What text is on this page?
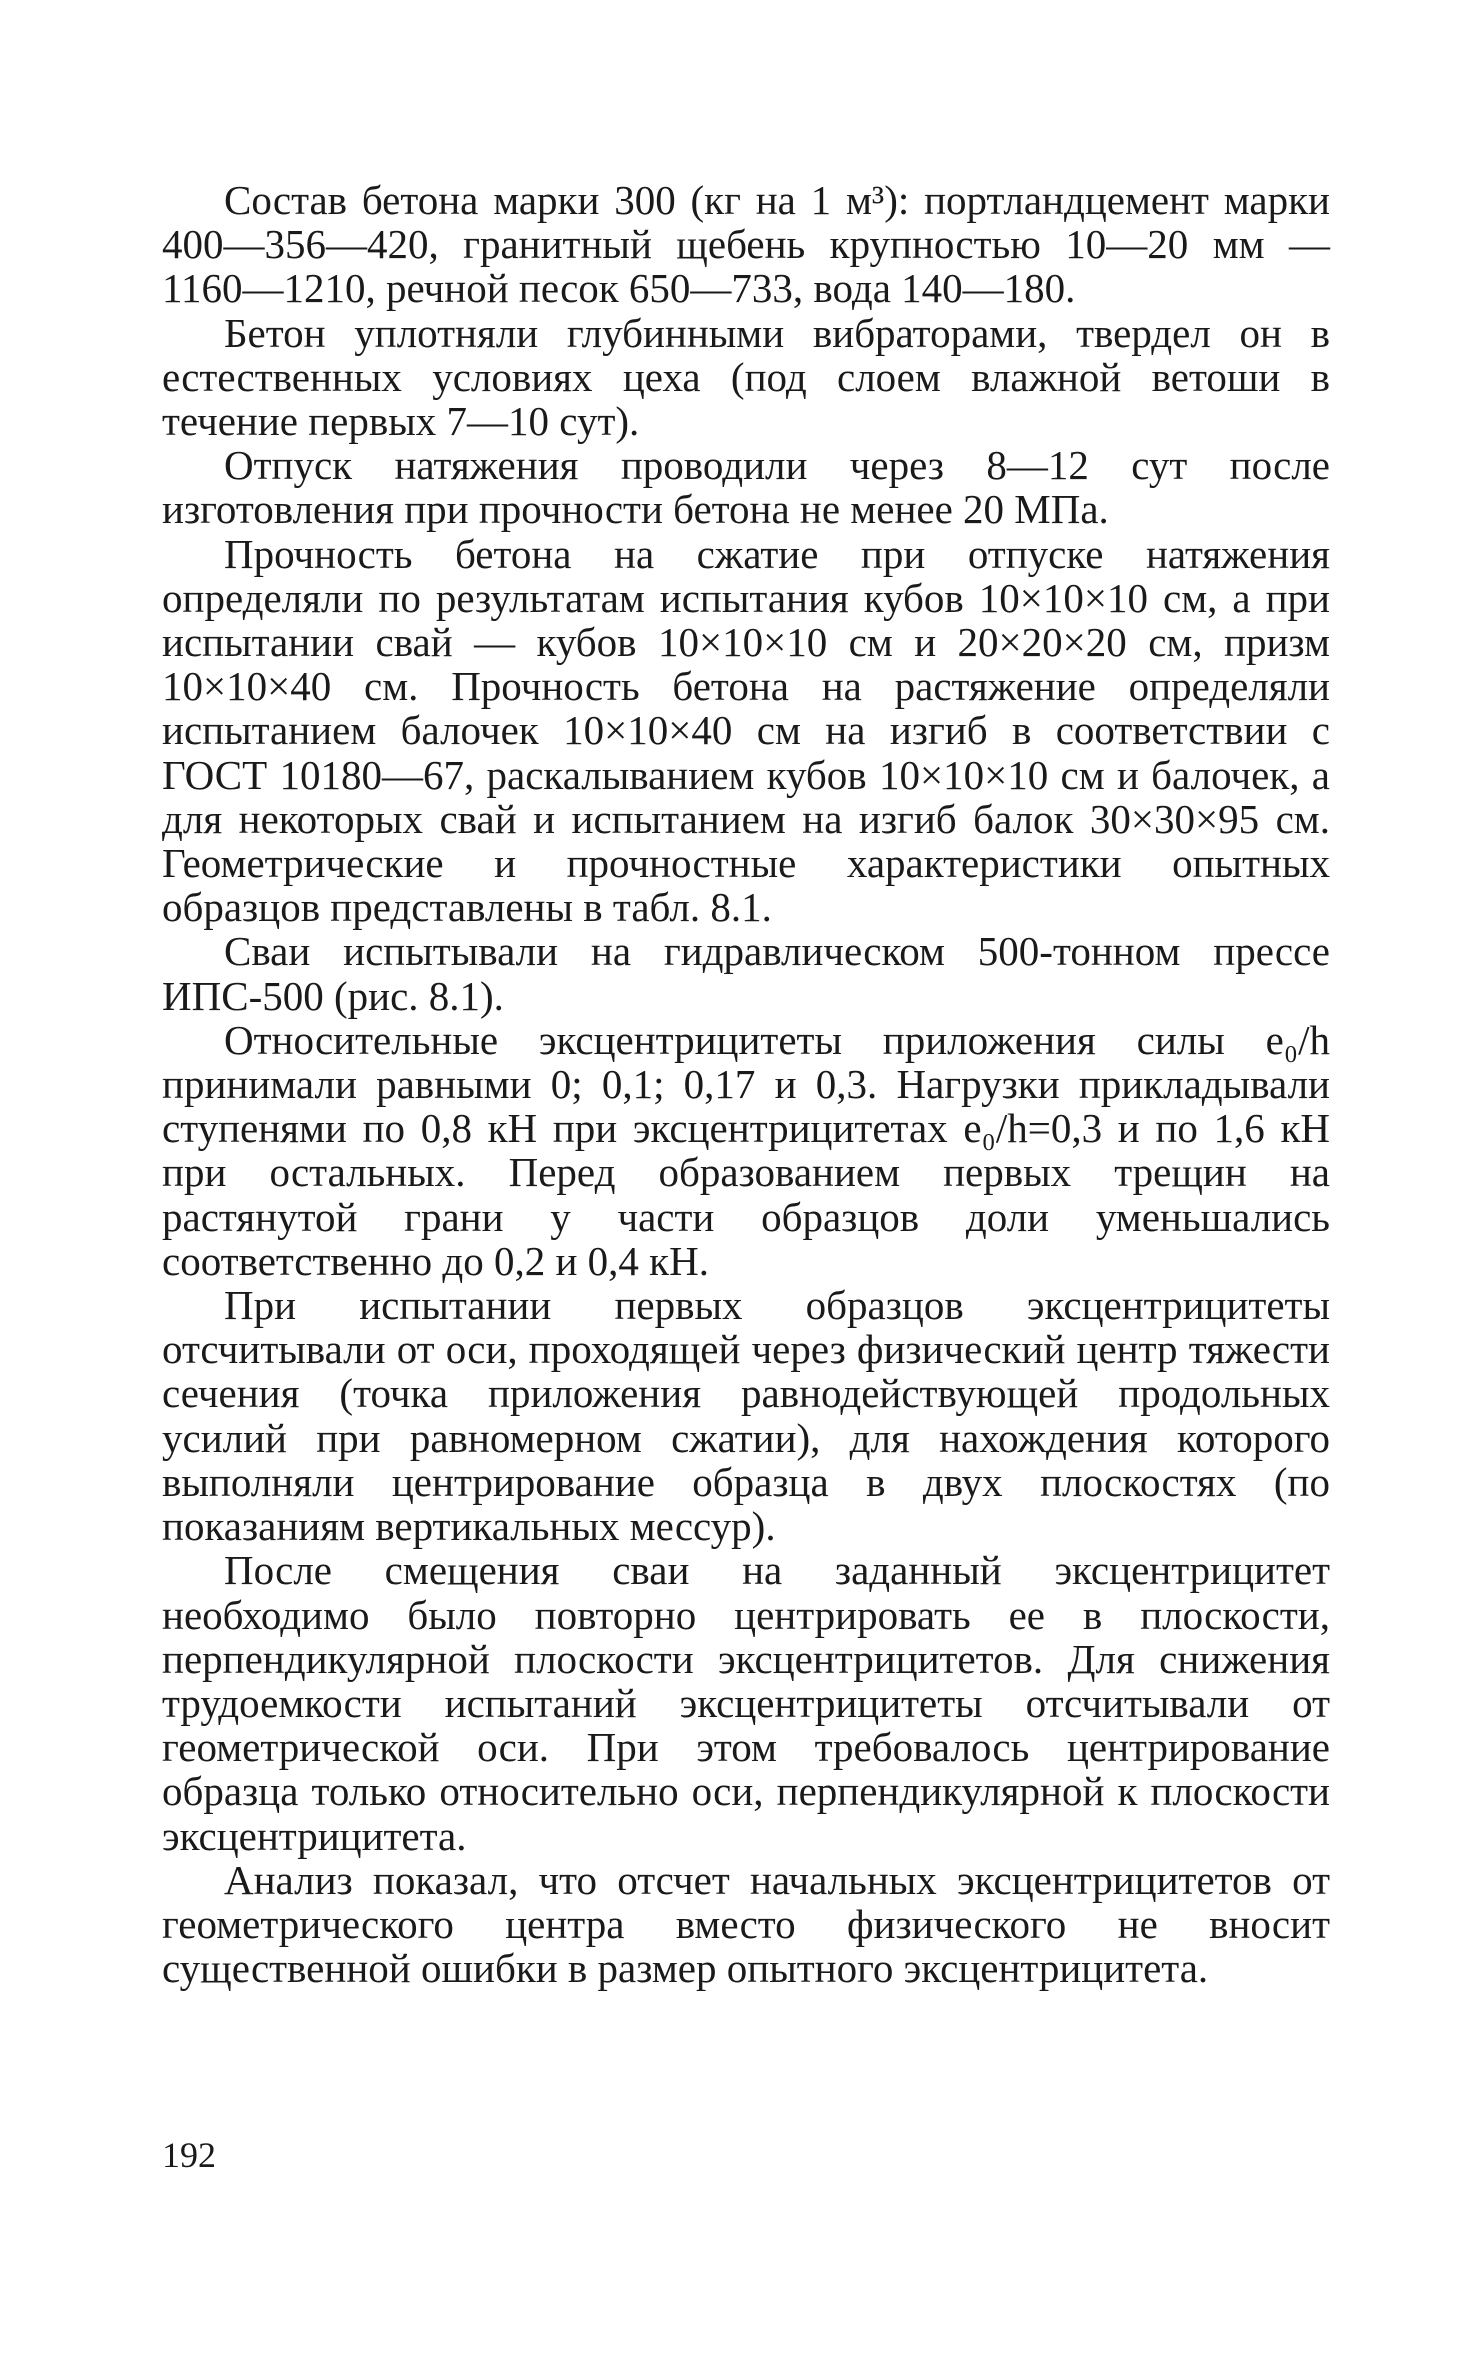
Состав бетона марки 300 (кг на 1 м³): портландцемент марки 400—356—420, гранитный щебень крупностью 10—20 мм — 1160—1210, речной песок 650—733, вода 140—180.

Бетон уплотняли глубинными вибраторами, твердел он в естественных условиях цеха (под слоем влажной ветоши в течение первых 7—10 сут).

Отпуск натяжения проводили через 8—12 сут после изготовления при прочности бетона не менее 20 МПа.

Прочность бетона на сжатие при отпуске натяжения определяли по результатам испытания кубов 10×10×10 см, а при испытании свай — кубов 10×10×10 см и 20×20×20 см, призм 10×10×40 см. Прочность бетона на растяжение определяли испытанием балочек 10×10×40 см на изгиб в соответствии с ГОСТ 10180—67, раскалыванием кубов 10×10×10 см и балочек, а для некоторых свай и испытанием на изгиб балок 30×30×95 см. Геометрические и прочностные характеристики опытных образцов представлены в табл. 8.1.

Сваи испытывали на гидравлическом 500-тонном прессе ИПС-500 (рис. 8.1).

Относительные эксцентрицитеты приложения силы e₀/h принимали равными 0; 0,1; 0,17 и 0,3. Нагрузки прикладывали ступенями по 0,8 кН при эксцентрицитетах e₀/h=0,3 и по 1,6 кН при остальных. Перед образованием первых трещин на растянутой грани у части образцов доли уменьшались соответственно до 0,2 и 0,4 кН.

При испытании первых образцов эксцентрицитеты отсчитывали от оси, проходящей через физический центр тяжести сечения (точка приложения равнодействующей продольных усилий при равномерном сжатии), для нахождения которого выполняли центрирование образца в двух плоскостях (по показаниям вертикальных мессур).

После смещения сваи на заданный эксцентрицитет необходимо было повторно центрировать ее в плоскости, перпендикулярной плоскости эксцентрицитетов. Для снижения трудоемкости испытаний эксцентрицитеты отсчитывали от геометрической оси. При этом требовалось центрирование образца только относительно оси, перпендикулярной к плоскости эксцентрицитета.

Анализ показал, что отсчет начальных эксцентрицитетов от геометрического центра вместо физического не вносит существенной ошибки в размер опытного эксцентрицитета.

192
